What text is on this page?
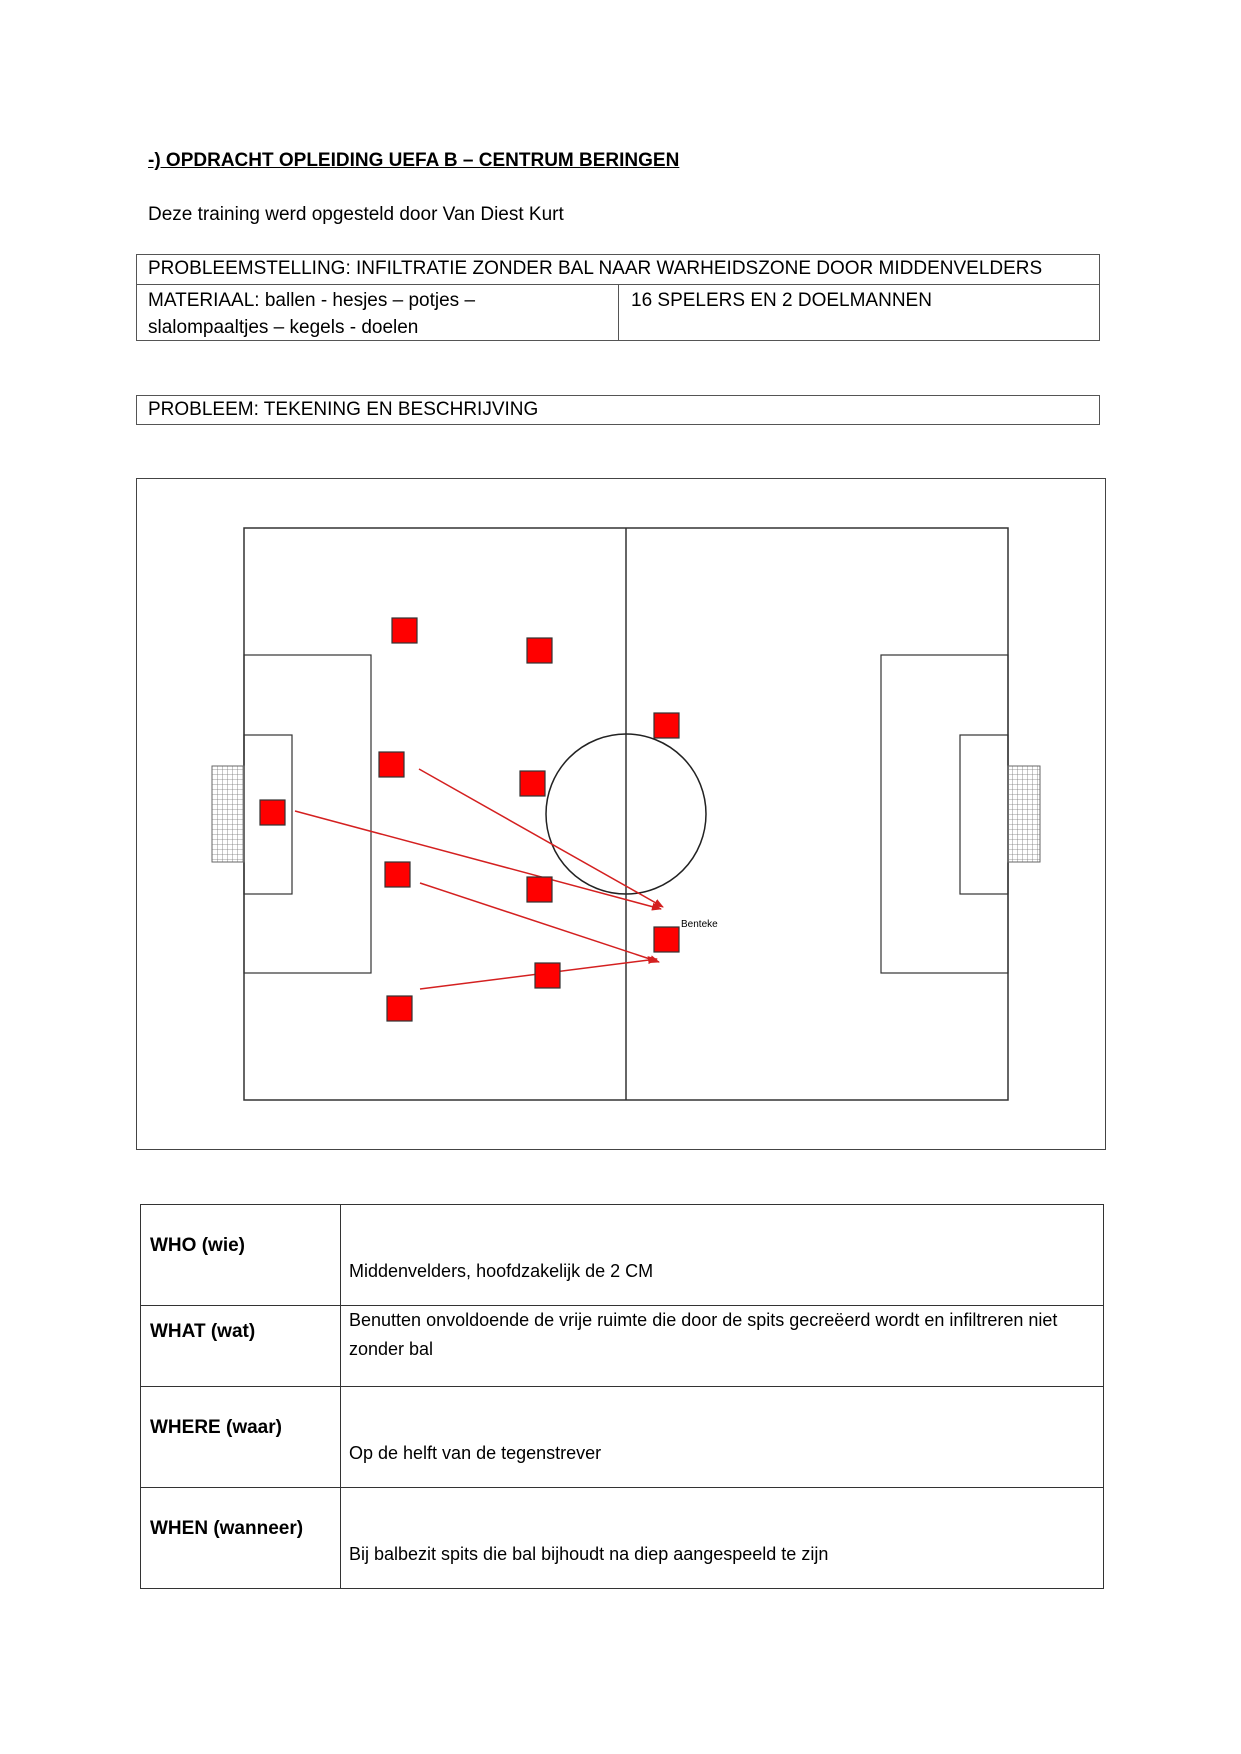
-) OPDRACHT OPLEIDING UEFA B – CENTRUM BERINGEN
Deze training werd opgesteld door Van Diest Kurt
PROBLEEMSTELLING: INFILTRATIE ZONDER BAL NAAR WARHEIDSZONE DOOR MIDDENVELDERS
MATERIAAL: ballen - hesjes – potjes –
slalompaaltjes – kegels - doelen
16 SPELERS EN 2 DOELMANNEN
PROBLEEM: TEKENING EN BESCHRIJVING
Benteke
WHO (wie)	Middenvelders, hoofdzakelijk de 2 CM

WHAT (wat)	Benutten onvoldoende de vrije ruimte die door de spits gecreëerd wordt en infiltreren niet zonder bal

WHERE (waar)	Op de helft van de tegenstrever

WHEN (wanneer)	Bij balbezit spits die bal bijhoudt na diep aangespeeld te zijn
